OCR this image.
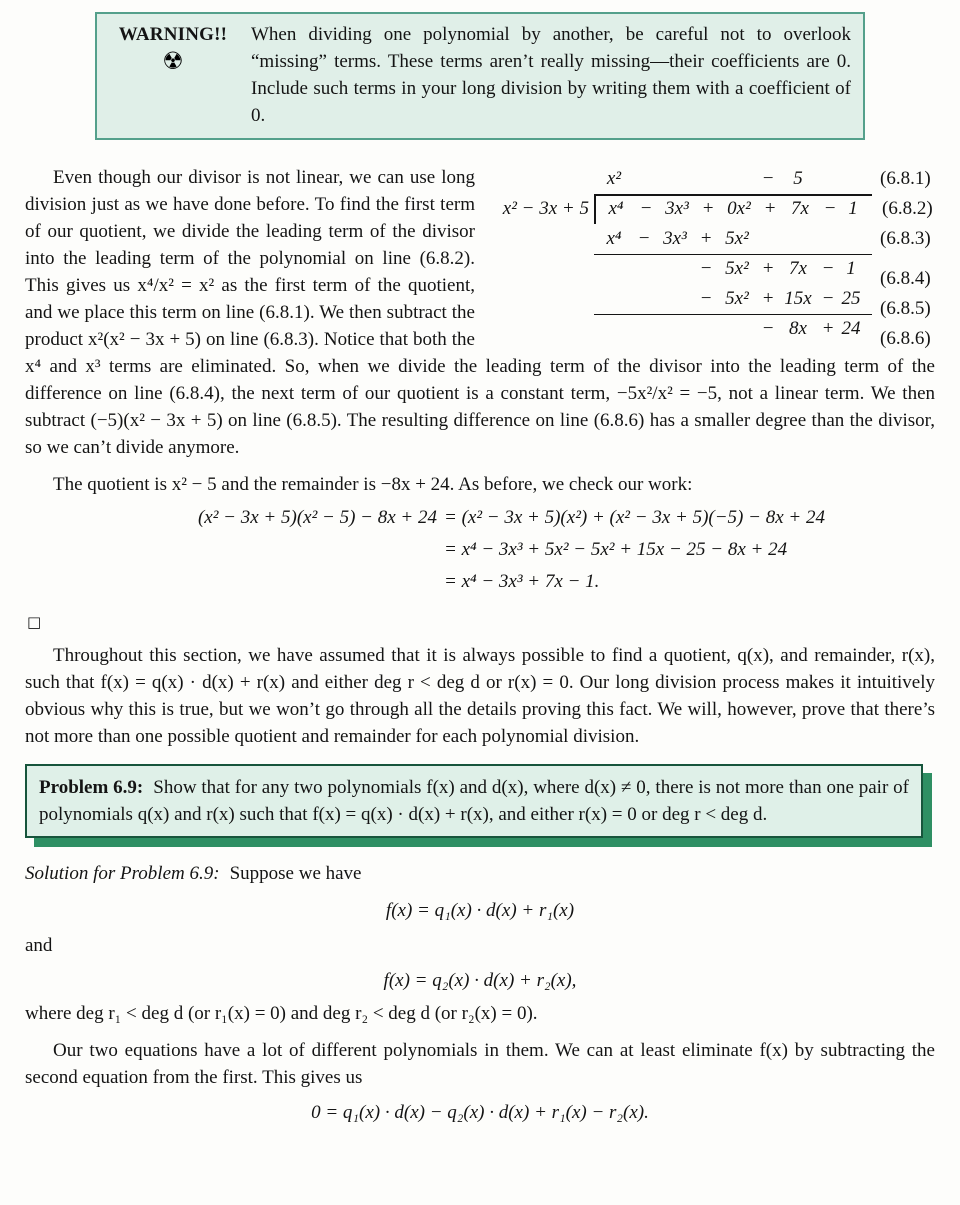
WARNING!!
☢
When dividing one polynomial by another, be careful not to overlook “missing” terms. These terms aren’t really missing—their coefficients are 0. Include such terms in your long division by writing them with a coefficient of 0.
x²	− 5	(6.8.1)
x² − 3x + 5	x⁴ − 3x³ + 0x² + 7x − 1	(6.8.2)
x⁴ − 3x³ + 5x²	(6.8.3)
− 5x² + 7x − 1	(6.8.4)
− 5x² + 15x − 25	(6.8.5)
− 8x + 24	(6.8.6)

Even though our divisor is not linear, we can use long division just as we have done before. To find the first term of our quotient, we divide the leading term of the divisor into the leading term of the polynomial on line (6.8.2). This gives us x⁴/x² = x² as the first term of the quotient, and we place this term on line (6.8.1). We then subtract the product x²(x² − 3x + 5) on line (6.8.3). Notice that both the x⁴ and x³ terms are eliminated. So, when we divide the leading term of the divisor into the leading term of the difference on line (6.8.4), the next term of our quotient is a constant term, −5x²/x² = −5, not a linear term. We then subtract (−5)(x² − 3x + 5) on line (6.8.5). The resulting difference on line (6.8.6) has a smaller degree than the divisor, so we can’t divide anymore.

The quotient is x² − 5 and the remainder is −8x + 24. As before, we check our work:

(x² − 3x + 5)(x² − 5) − 8x + 24 = (x² − 3x + 5)(x²) + (x² − 3x + 5)(−5) − 8x + 24
= x⁴ − 3x³ + 5x² − 5x² + 15x − 25 − 8x + 24
= x⁴ − 3x³ + 7x − 1.
□

Throughout this section, we have assumed that it is always possible to find a quotient, q(x), and remainder, r(x), such that f(x) = q(x) · d(x) + r(x) and either deg r < deg d or r(x) = 0. Our long division process makes it intuitively obvious why this is true, but we won’t go through all the details proving this fact. We will, however, prove that there’s not more than one possible quotient and remainder for each polynomial division.

Problem 6.9: Show that for any two polynomials f(x) and d(x), where d(x) ≠ 0, there is not more than one pair of polynomials q(x) and r(x) such that f(x) = q(x) · d(x) + r(x), and either r(x) = 0 or deg r < deg d.

Solution for Problem 6.9: Suppose we have

f(x) = q₁(x) · d(x) + r₁(x)

and

f(x) = q₂(x) · d(x) + r₂(x),

where deg r₁ < deg d (or r₁(x) = 0) and deg r₂ < deg d (or r₂(x) = 0).

Our two equations have a lot of different polynomials in them. We can at least eliminate f(x) by subtracting the second equation from the first. This gives us

0 = q₁(x) · d(x) − q₂(x) · d(x) + r₁(x) − r₂(x).
